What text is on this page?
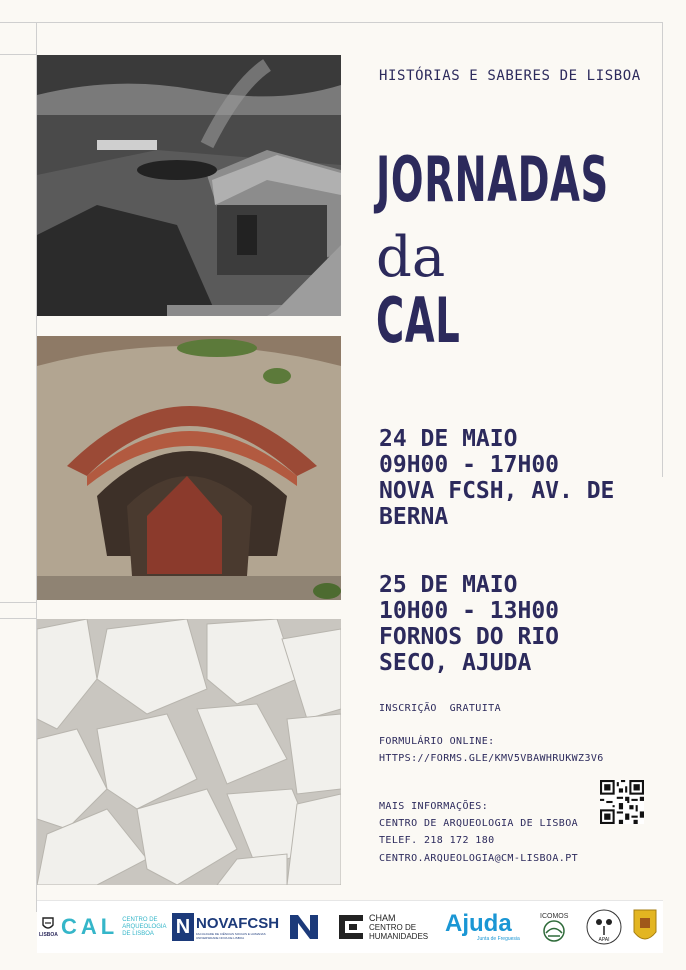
HISTÓRIAS E SABERES DE LISBOA
JORNADAS
da
CAL
24 DE MAIO
09H00 - 17H00
NOVA FCSH, AV. DE
BERNA
25 DE MAIO
10H00 - 13H00
FORNOS DO RIO
SECO, AJUDA
INSCRIÇÃO  GRATUITA
FORMULÁRIO ONLINE:
HTTPS://FORMS.GLE/KMV5VBAWHRUKWZ3V6
MAIS INFORMAÇÕES:
CENTRO DE ARQUEOLOGIA DE LISBOA
TELEF. 218 172 180
CENTRO.ARQUEOLOGIA@CM-LISBOA.PT
LISBOA CAL CENTRO DE
ARQUEOLOGIA
DE LISBOA	N NOVAFCSH
FACULDADE DE CIÊNCIAS SOCIAIS E HUMANAS
UNIVERSIDADE NOVA DE LISBOA
CHAM
CENTRO DE
HUMANIDADES Ajuda
Junta de Freguesia
ICOMOS
APAI
